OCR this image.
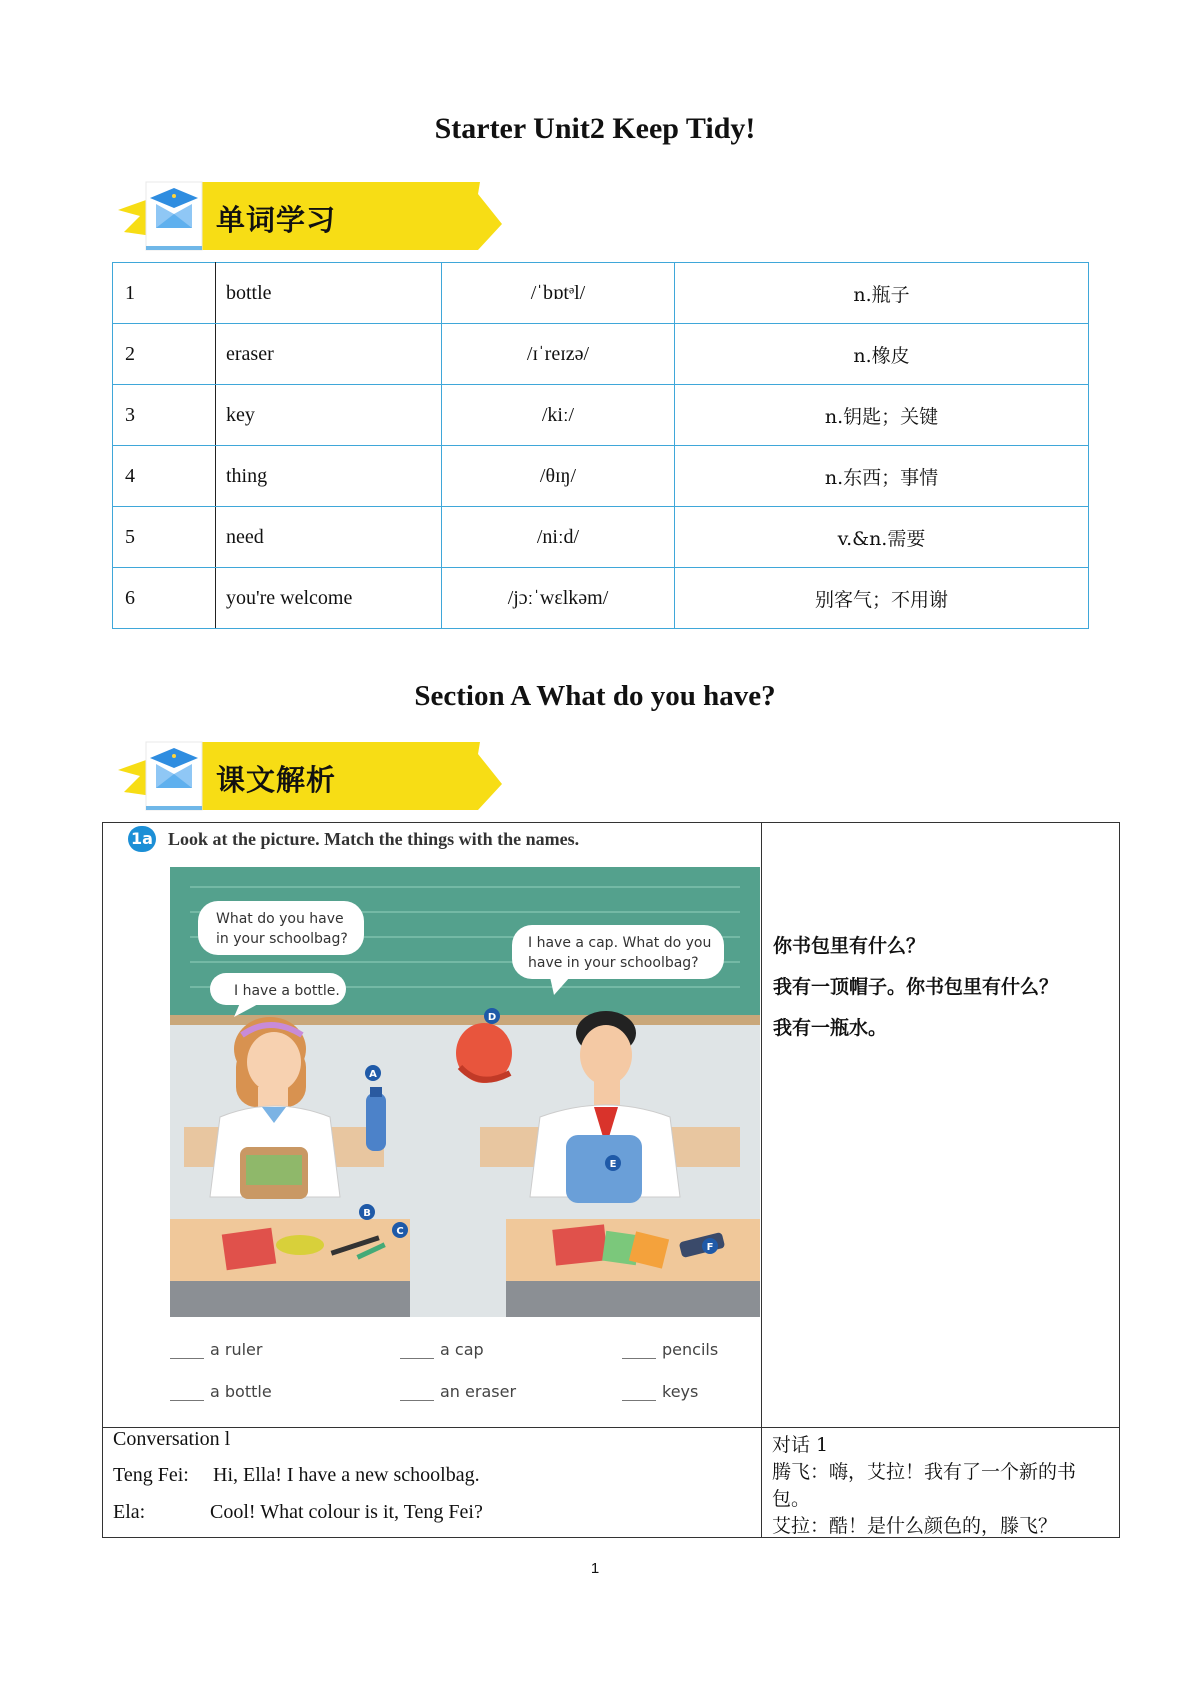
Starter Unit2 Keep Tidy!
单词学习
1	bottle	/ˈbɒtᵊl/	n.瓶子
2	eraser	/ɪˈreɪzə/	n.橡皮
3	key	/kiː/	n.钥匙；关键
4	thing	/θɪŋ/	n.东西；事情
5	need	/niːd/	v.&n.需要
6	you're welcome	/jɔːˈwɛlkəm/	别客气；不用谢
Section A What do you have?
课文解析
1a Look at the picture. Match the things with the names.
A
B
C
D
E
F
What do you have
in your schoolbag?
I have a bottle.
I have a cap. What do you
have in your schoolbag?
a ruler	a cap	pencils
a bottle	an eraser	keys
你书包里有什么？
我有一顶帽子。你书包里有什么？
我有一瓶水。
Conversation l
Teng Fei: Hi, Ella! I have a new schoolbag.
Ela:	Cool! What colour is it, Teng Fei?
对话 1
腾飞：嗨，艾拉！我有了一个新的书
包。
艾拉：酷！是什么颜色的，滕飞？
1
